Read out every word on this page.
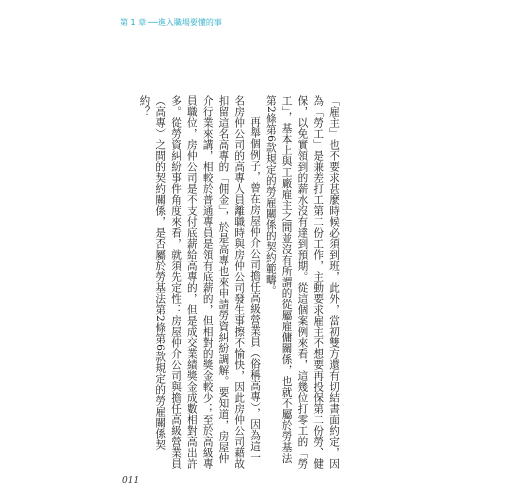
第 1 章 ──進入職場要懂的事

「雇主」也不要求甚麼時候必須到班，此外，當初雙方還有切結書面約定，因為「勞工」是兼差打工第二份工作，主動要求雇主不想要再投保第二份勞、健保，以免實領到的薪水沒有達到預期。從這個案例來看，這幾位打零工的「勞工」，基本上與工廠雇主之間並沒有所謂的從屬雇傭關係，也就不屬於勞基法第2條第6款規定的勞雇關係的契約範疇。

再舉個例子，曾在房屋仲介公司擔任高級營業員（俗稱高專），因為這一名房仲公司的高專人員離職時與房仲公司發生事擦不愉快，因此房仲公司藉故扣留這名高專的「佣金」，於是高專也來申請勞資糾紛調解。要知道，房屋仲介行業來講，相較於普通專員是領有底薪的，但相對的獎金較少；至於高級專員職位，房仲公司是不支付底薪給高專的，但是成交業績獎金成數相對高出許多。從勞資糾紛事件角度來看，就須先定性：房屋仲介公司與擔任高級營業員（高專）之間的契約關係，是否屬於勞基法第2條第6款規定的勞雇關係契約？

011
